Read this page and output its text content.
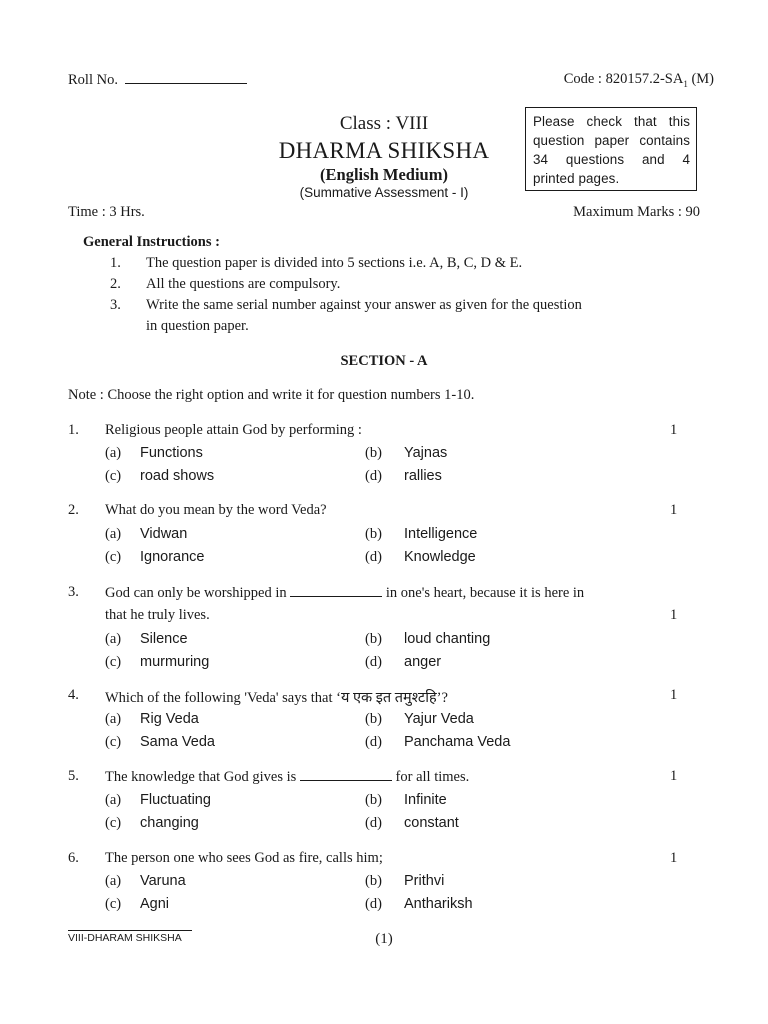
Roll No.	Code : $820157.2-SA_1$ (M)
Please check that this question paper contains 34 questions and 4 printed pages.
Class : VIII
DHARMA SHIKSHA
(English Medium)
(Summative Assessment - I)
Time : 3 Hrs.	Maximum Marks : 90
General Instructions :
1. The question paper is divided into 5 sections i.e. A, B, C, D & E.
2. All the questions are compulsory.
3. Write the same serial number against your answer as given for the question
in question paper.
SECTION - A
Note : Choose the right option and write it for question numbers 1-10.
1. Religious people attain God by performing :	1
(a) Functions	(b) Yajnas
(c) road shows	(d) rallies
2. What do you mean by the word Veda?	1
(a) Vidwan	(b) Intelligence
(c) Ignorance	(d) Knowledge
3. God can only be worshipped in	in one's heart, because it is here in
that he truly lives.	1
(a) Silence	(b) loud chanting
(c) murmuring	(d) anger
4. Which of the following 'Veda' says that ‘य एक इत तमुश्टहि’?	1
(a) Rig Veda	(b) Yajur Veda
(c) Sama Veda	(d) Panchama Veda
5. The knowledge that God gives is	for all times.	1
(a) Fluctuating	(b) Infinite
(c) changing	(d) constant
6. The person one who sees God as fire, calls him;	1
(a) Varuna	(b) Prithvi
(c) Agni	(d) Anthariksh
VIII-DHARAM SHIKSHA	(1)
